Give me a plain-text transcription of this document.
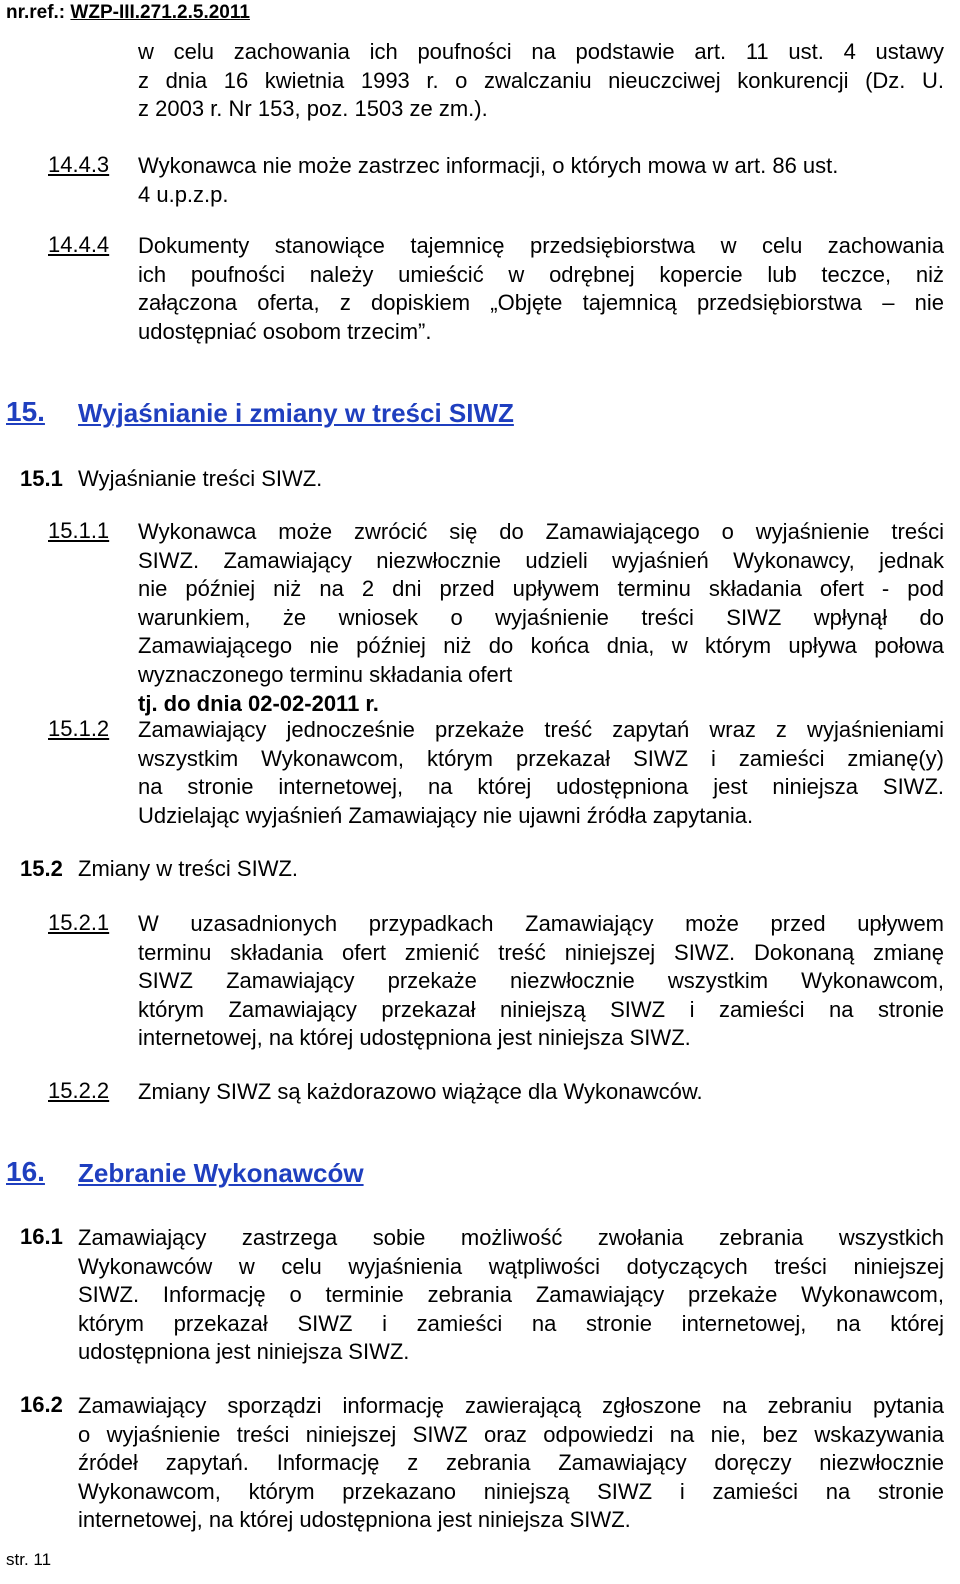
nr.ref.: WZP-III.271.2.5.2011
w celu zachowania ich poufności na podstawie art. 11 ust. 4 ustawy
z dnia 16 kwietnia 1993 r. o zwalczaniu nieuczciwej konkurencji (Dz. U.
z 2003 r. Nr 153, poz. 1503 ze zm.).
14.4.3 Wykonawca nie może zastrzec informacji, o których mowa w art. 86 ust.
4 u.p.z.p.
14.4.4 Dokumenty stanowiące tajemnicę przedsiębiorstwa w celu zachowania
ich poufności należy umieścić w odrębnej kopercie lub teczce, niż
załączona oferta, z dopiskiem „Objęte tajemnicą przedsiębiorstwa – nie
udostępniać osobom trzecim”.
15. Wyjaśnianie i zmiany w treści SIWZ
15.1 Wyjaśnianie treści SIWZ.
15.1.1 Wykonawca może zwrócić się do Zamawiającego o wyjaśnienie treści
SIWZ. Zamawiający niezwłocznie udzieli wyjaśnień Wykonawcy, jednak
nie później niż na 2 dni przed upływem terminu składania ofert - pod
warunkiem, że wniosek o wyjaśnienie treści SIWZ wpłynął do
Zamawiającego nie później niż do końca dnia, w którym upływa połowa
wyznaczonego terminu składania ofert
tj. do dnia 02-02-2011 r.
15.1.2 Zamawiający jednocześnie przekaże treść zapytań wraz z wyjaśnieniami
wszystkim Wykonawcom, którym przekazał SIWZ i zamieści zmianę(y)
na stronie internetowej, na której udostępniona jest niniejsza SIWZ.
Udzielając wyjaśnień Zamawiający nie ujawni źródła zapytania.
15.2 Zmiany w treści SIWZ.
15.2.1 W uzasadnionych przypadkach Zamawiający może przed upływem
terminu składania ofert zmienić treść niniejszej SIWZ. Dokonaną zmianę
SIWZ Zamawiający przekaże niezwłocznie wszystkim Wykonawcom,
którym Zamawiający przekazał niniejszą SIWZ i zamieści na stronie
internetowej, na której udostępniona jest niniejsza SIWZ.
15.2.2 Zmiany SIWZ są każdorazowo wiążące dla Wykonawców.
16. Zebranie Wykonawców
16.1 Zamawiający zastrzega sobie możliwość zwołania zebrania wszystkich
Wykonawców w celu wyjaśnienia wątpliwości dotyczących treści niniejszej
SIWZ. Informację o terminie zebrania Zamawiający przekaże Wykonawcom,
którym przekazał SIWZ i zamieści na stronie internetowej, na której
udostępniona jest niniejsza SIWZ.
16.2 Zamawiający sporządzi informację zawierającą zgłoszone na zebraniu pytania
o wyjaśnienie treści niniejszej SIWZ oraz odpowiedzi na nie, bez wskazywania
źródeł zapytań. Informację z zebrania Zamawiający doręczy niezwłocznie
Wykonawcom, którym przekazano niniejszą SIWZ i zamieści na stronie
internetowej, na której udostępniona jest niniejsza SIWZ.
str. 11
